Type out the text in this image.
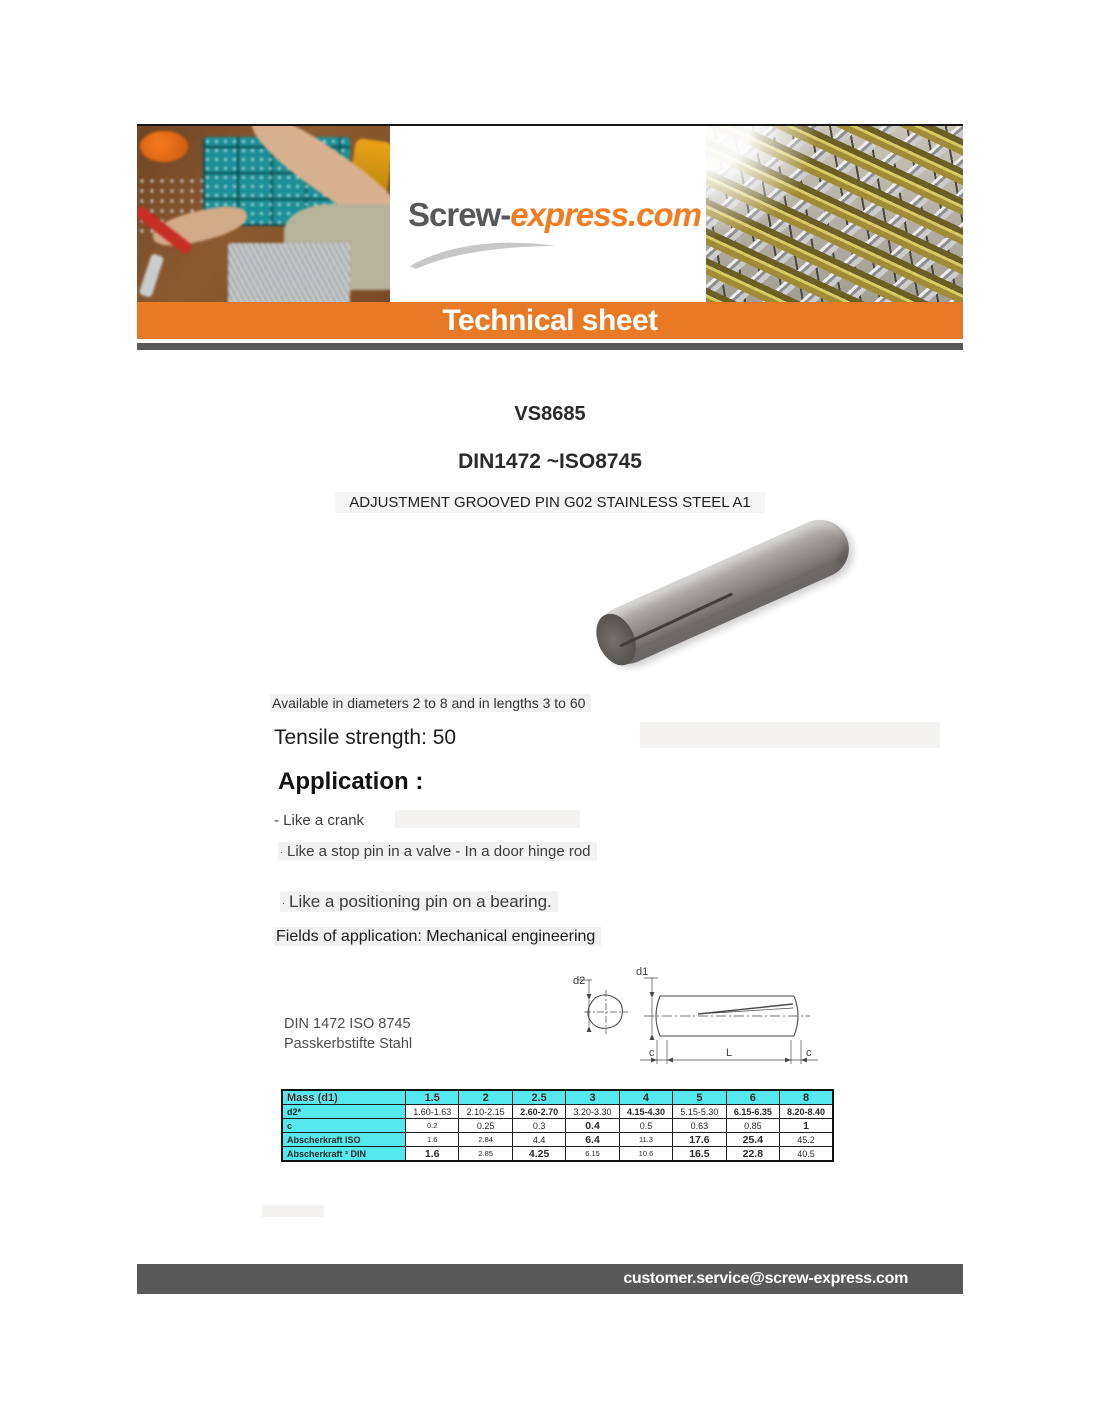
Screw-express.com
Technical sheet
VS8685
DIN1472 ~ISO8745
ADJUSTMENT GROOVED PIN G02 STAINLESS STEEL A1
Available in diameters 2 to 8 and in lengths 3 to 60
Tensile strength: 50
Application :
- Like a crank
· Like a stop pin in a valve - In a door hinge rod
· Like a positioning pin on a bearing.
Fields of application: Mechanical engineering
DIN 1472 ISO 8745
Passkerbstifte Stahl
d2
d1
c	L	c
Mass (d1)	1.5	2	2.5	3	4	5	6	8
d2*	1.60-1.63	2.10-2.15	2.60-2.70	3.20-3.30	4.15-4.30	5.15-5.30	6.15-6.35	8.20-8.40
c	0.2	0.25	0.3	0.4	0.5	0.63	0.85	1
Abscherkraft ISO	1.6	2.84	4.4	6.4	11.3	17.6	25.4	45.2
Abscherkraft ² DIN	1.6	2.85	4.25	6.15	10.6	16.5	22.8	40.5
customer.service@screw-express.com
